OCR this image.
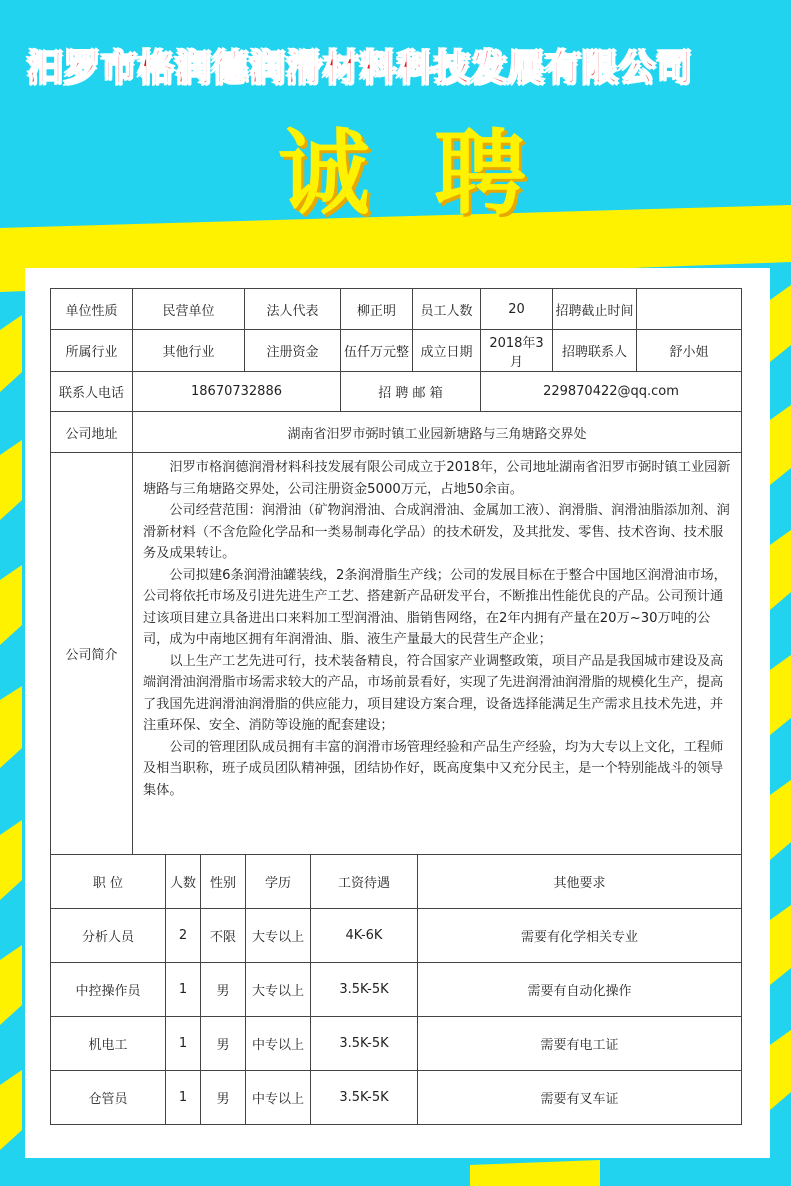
汨罗市格润德润滑材料科技发展有限公司
诚 聘
单位性质	民营单位	法人代表	柳正明	员工人数	20	招聘截止时间	
所属行业	其他行业	注册资金	伍仟万元整	成立日期	2018年3月	招聘联系人	舒小姐
联系人电话	18670732886		招 聘 邮 箱		229870422@qq.com		
公司地址	湖南省汨罗市弼时镇工业园新塘路与三角塘路交界处						
公司简介	汨罗市格润德润滑材料科技发展有限公司成立于2018年，公司地址湖南省汨罗市弼时镇工业园新塘路与三角塘路交界处，公司注册资金5000万元，占地50余亩。

公司经营范围：润滑油（矿物润滑油、合成润滑油、金属加工液）、润滑脂、润滑油脂添加剂、润滑新材料（不含危险化学品和一类易制毒化学品）的技术研发，及其批发、零售、技术咨询、技术服务及成果转让。

公司拟建6条润滑油罐装线，2条润滑脂生产线；公司的发展目标在于整合中国地区润滑油市场，公司将依托市场及引进先进生产工艺、搭建新产品研发平台，不断推出性能优良的产品。公司预计通过该项目建立具备进出口来料加工型润滑油、脂销售网络，在2年内拥有产量在20万~30万吨的公司，成为中南地区拥有年润滑油、脂、液生产量最大的民营生产企业；

以上生产工艺先进可行，技术装备精良，符合国家产业调整政策，项目产品是我国城市建设及高端润滑油润滑脂市场需求较大的产品，市场前景看好，实现了先进润滑油润滑脂的规模化生产，提高了我国先进润滑油润滑脂的供应能力，项目建设方案合理，设备选择能满足生产需求且技术先进，并注重环保、安全、消防等设施的配套建设；

公司的管理团队成员拥有丰富的润滑市场管理经验和产品生产经验，均为大专以上文化，工程师及相当职称，班子成员团队精神强，团结协作好，既高度集中又充分民主，是一个特别能战斗的领导集体。						

职 位	人数	性别	学历	工资待遇	其他要求
分析人员	2	不限	大专以上	4K-6K	需要有化学相关专业
中控操作员	1	男	大专以上	3.5K-5K	需要有自动化操作
机电工	1	男	中专以上	3.5K-5K	需要有电工证
仓管员	1	男	中专以上	3.5K-5K	需要有叉车证
